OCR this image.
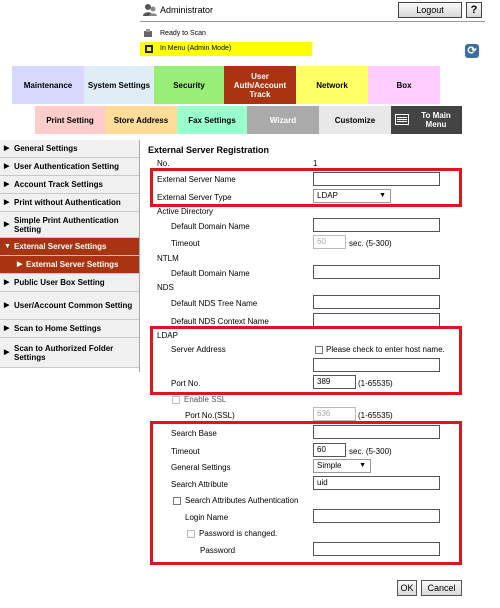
Administrator	Logout	?
Ready to Scan
In Menu (Admin Mode)	⟳
Maintenance	System Settings	Security
User Auth/Account Track
Network	Box
Print Setting	Store Address	Fax Settings	Wizard	Customize	To Main Menu
▶ General Settings
▶ User Authentication Setting
▶ Account Track Settings
▶ Print without Authentication
▶ Simple Print Authentication Setting
▼ External Server Settings
▶ External Server Settings
▶ Public User Box Setting
▶ User/Account Common Setting
▶ Scan to Home Settings
▶ Scan to Authorized Folder Settings
External Server Registration
No.	1
External Server Name
External Server Type	LDAP	▼
Active Directory
Default Domain Name
Timeout	60	sec. (5-300)
NTLM
Default Domain Name
NDS
Default NDS Tree Name
Default NDS Context Name
LDAP
Server Address	Please check to enter host name.
Port No.	389	(1-65535)
Enable SSL
Port No.(SSL)	636	(1-65535)
Search Base
Timeout	60	sec. (5-300)
General Settings	Simple	▼
Search Attribute	uid
Search Attributes Authentication
Login Name
Password is changed.
Password
OK	Cancel
